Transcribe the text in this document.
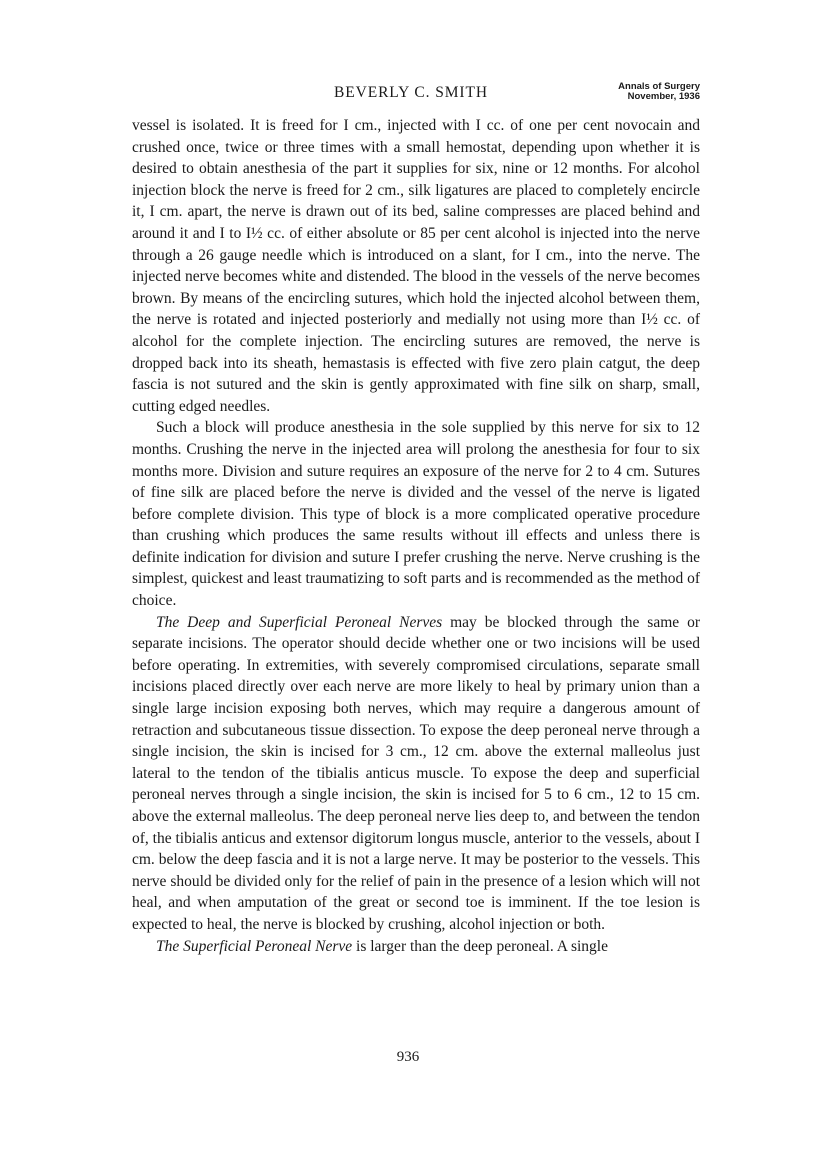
BEVERLY C. SMITH	Annals of Surgery
November, 1936

vessel is isolated. It is freed for I cm., injected with I cc. of one per cent novocain and crushed once, twice or three times with a small hemostat, depending upon whether it is desired to obtain anesthesia of the part it supplies for six, nine or 12 months. For alcohol injection block the nerve is freed for 2 cm., silk ligatures are placed to completely encircle it, I cm. apart, the nerve is drawn out of its bed, saline compresses are placed behind and around it and I to I½ cc. of either absolute or 85 per cent alcohol is injected into the nerve through a 26 gauge needle which is introduced on a slant, for I cm., into the nerve. The injected nerve becomes white and distended. The blood in the vessels of the nerve becomes brown. By means of the encircling sutures, which hold the injected alcohol between them, the nerve is rotated and injected posteriorly and medially not using more than I½ cc. of alcohol for the complete injection. The encircling sutures are removed, the nerve is dropped back into its sheath, hemastasis is effected with five zero plain catgut, the deep fascia is not sutured and the skin is gently approximated with fine silk on sharp, small, cutting edged needles.

Such a block will produce anesthesia in the sole supplied by this nerve for six to 12 months. Crushing the nerve in the injected area will prolong the anesthesia for four to six months more. Division and suture requires an exposure of the nerve for 2 to 4 cm. Sutures of fine silk are placed before the nerve is divided and the vessel of the nerve is ligated before complete division. This type of block is a more complicated operative procedure than crushing which produces the same results without ill effects and unless there is definite indication for division and suture I prefer crushing the nerve. Nerve crushing is the simplest, quickest and least traumatizing to soft parts and is recommended as the method of choice.

The Deep and Superficial Peroneal Nerves may be blocked through the same or separate incisions. The operator should decide whether one or two incisions will be used before operating. In extremities, with severely compromised circulations, separate small incisions placed directly over each nerve are more likely to heal by primary union than a single large incision exposing both nerves, which may require a dangerous amount of retraction and subcutaneous tissue dissection. To expose the deep peroneal nerve through a single incision, the skin is incised for 3 cm., 12 cm. above the external malleolus just lateral to the tendon of the tibialis anticus muscle. To expose the deep and superficial peroneal nerves through a single incision, the skin is incised for 5 to 6 cm., 12 to 15 cm. above the external malleolus. The deep peroneal nerve lies deep to, and between the tendon of, the tibialis anticus and extensor digitorum longus muscle, anterior to the vessels, about I cm. below the deep fascia and it is not a large nerve. It may be posterior to the vessels. This nerve should be divided only for the relief of pain in the presence of a lesion which will not heal, and when amputation of the great or second toe is imminent. If the toe lesion is expected to heal, the nerve is blocked by crushing, alcohol injection or both.

The Superficial Peroneal Nerve is larger than the deep peroneal. A single

936
